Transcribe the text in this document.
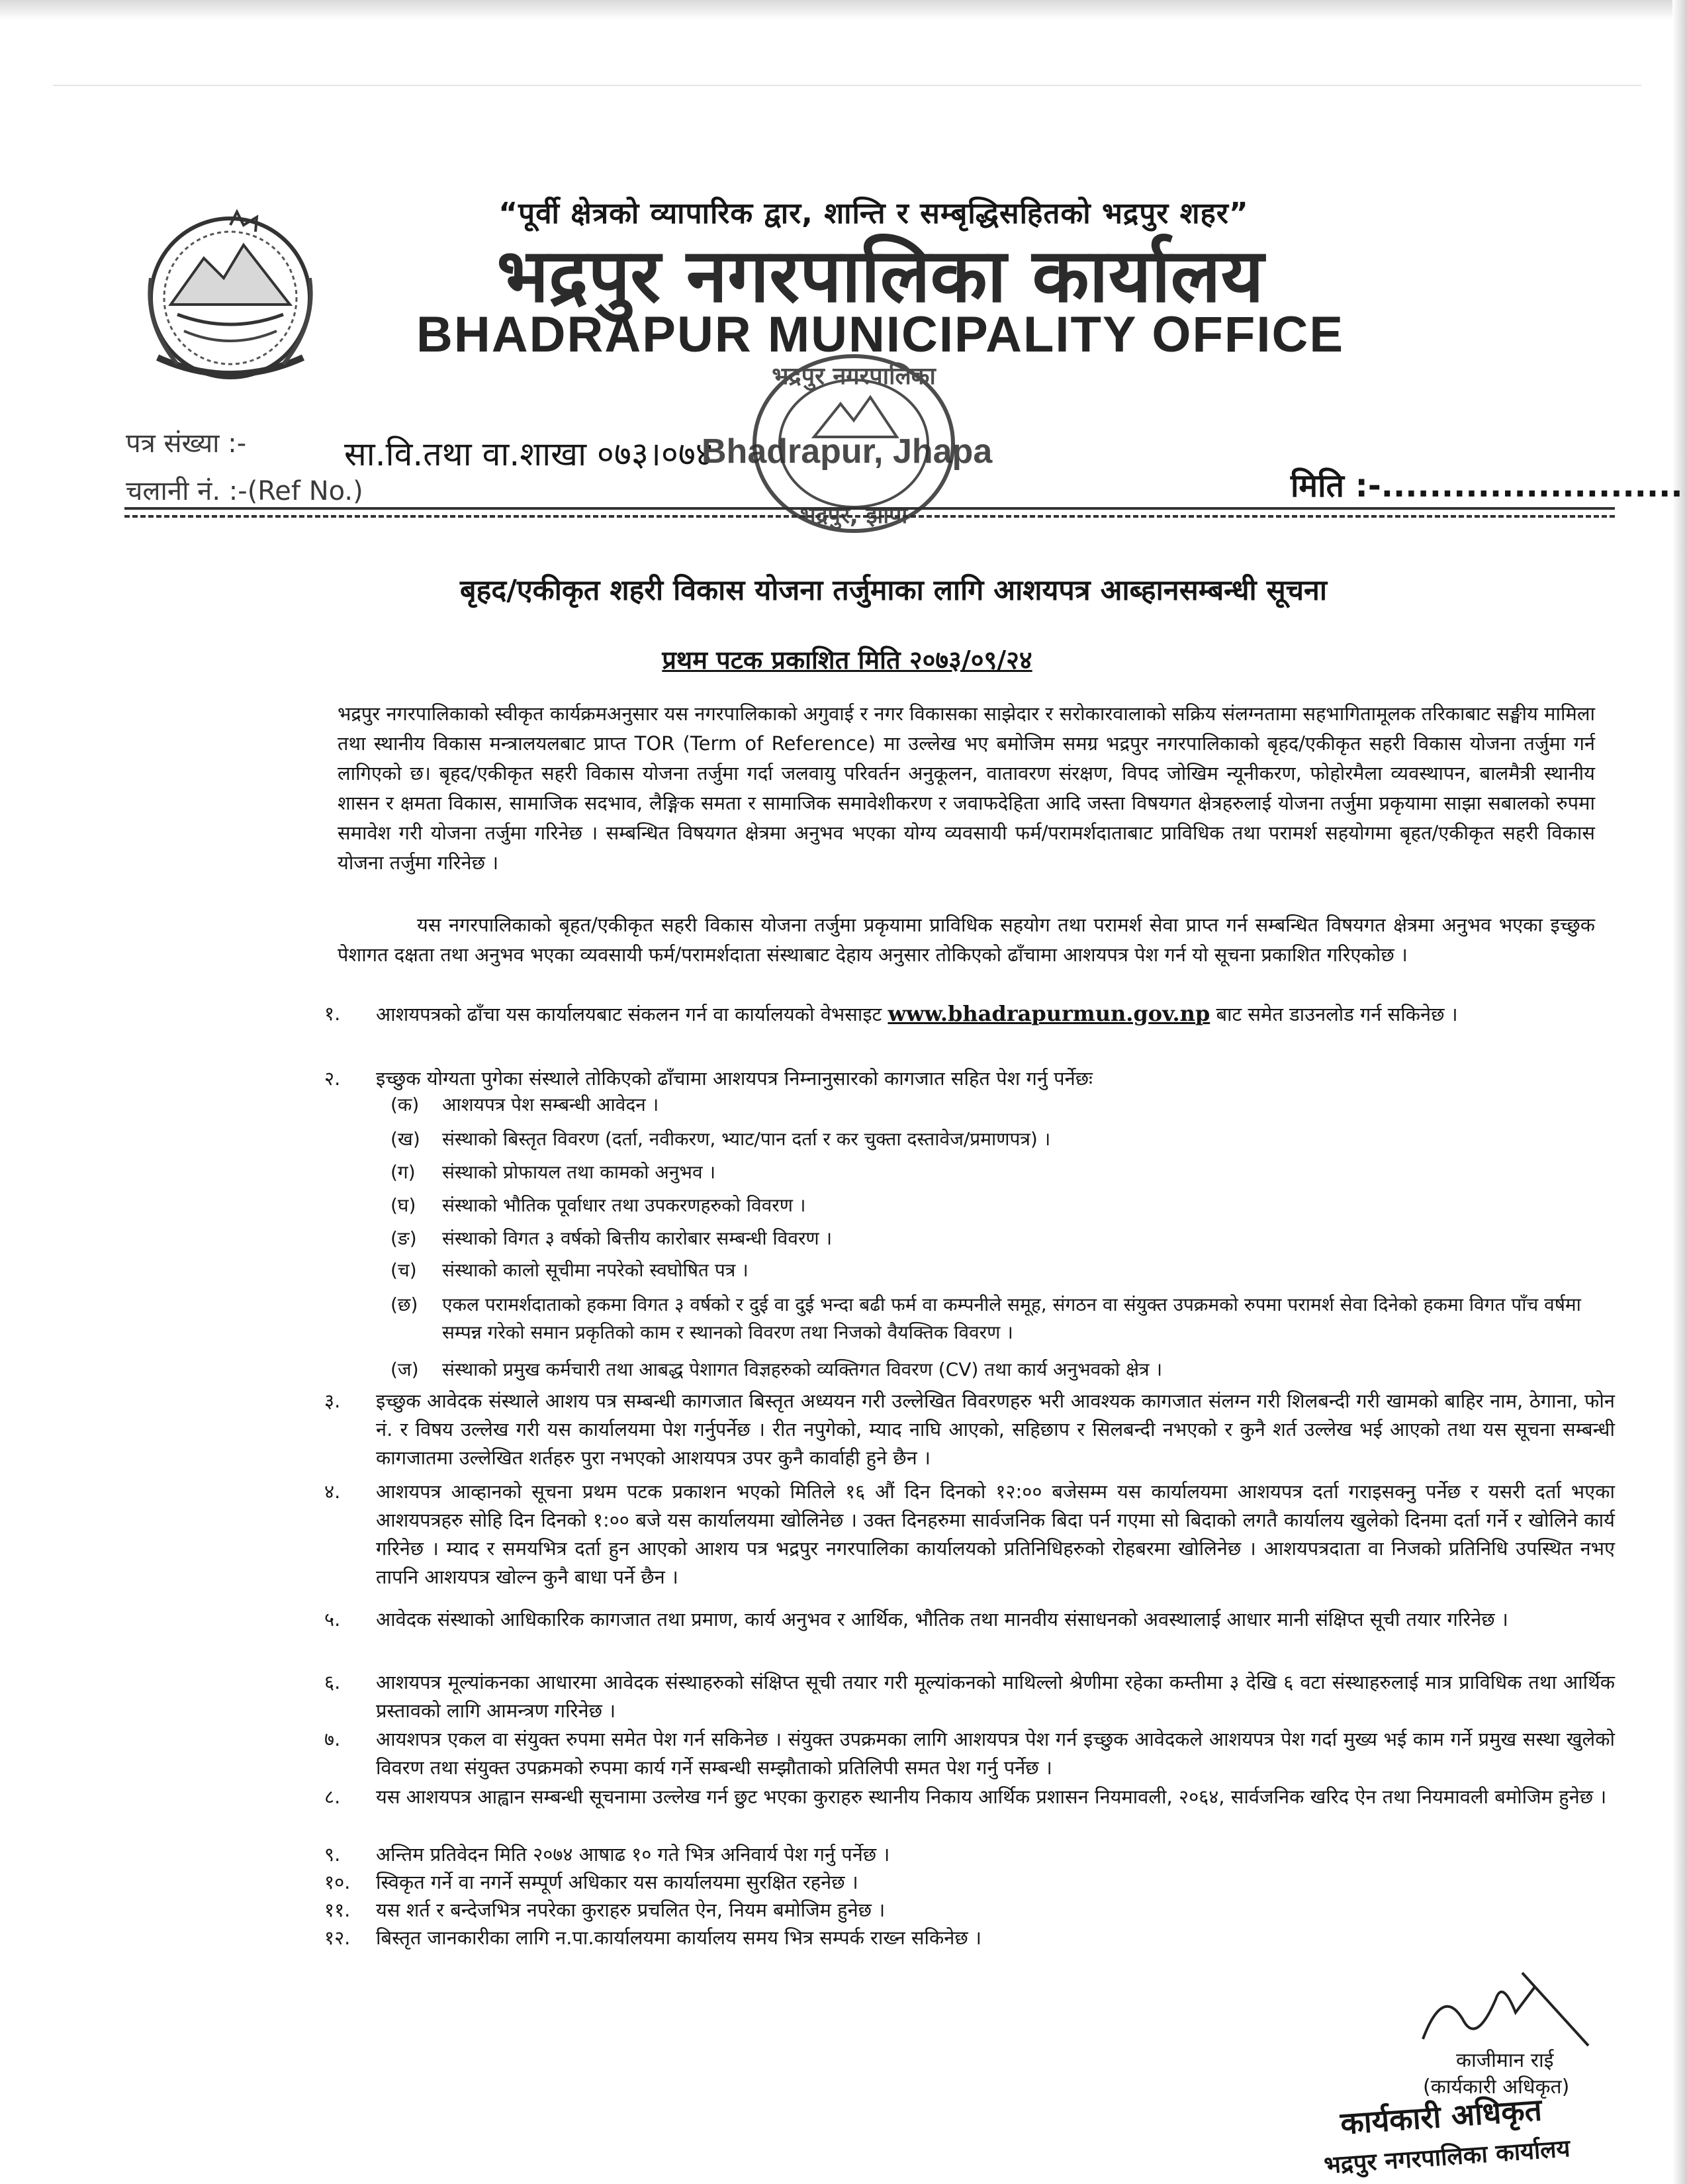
“पूर्वी क्षेत्रको व्यापारिक द्वार, शान्ति र सम्बृद्धिसहितको भद्रपुर शहर”
भद्रपुर नगरपालिका कार्यालय
BHADRAPUR MUNICIPALITY OFFICE
पत्र संख्या :-
चलानी नं. :-(Ref No.)
सा.वि.तथा वा.शाखा ०७३।०७४
Bhadrapur, Jhapa
मिति :-.........................
भद्रपुर नगरपालिका
भद्रपुर, झापा
बृहद/एकीकृत शहरी विकास योजना तर्जुमाका लागि आशयपत्र आब्हानसम्बन्धी सूचना
प्रथम पटक प्रकाशित मिति २०७३/०९/२४

भद्रपुर नगरपालिकाको स्वीकृत कार्यक्रमअनुसार यस नगरपालिकाको अगुवाई र नगर विकासका साझेदार र सरोकारवालाको सक्रिय संलग्नतामा सहभागितामूलक तरिकाबाट सङ्घीय मामिला तथा स्थानीय विकास मन्त्रालयलबाट प्राप्त TOR (Term of Reference) मा उल्लेख भए बमोजिम समग्र भद्रपुर नगरपालिकाको बृहद/एकीकृत सहरी विकास योजना तर्जुमा गर्न लागिएको छ। बृहद/एकीकृत सहरी विकास योजना तर्जुमा गर्दा जलवायु परिवर्तन अनुकूलन, वातावरण संरक्षण, विपद जोखिम न्यूनीकरण, फोहोरमैला व्यवस्थापन, बालमैत्री स्थानीय शासन र क्षमता विकास, सामाजिक सदभाव, लैङ्गिक समता र सामाजिक समावेशीकरण र जवाफदेहिता आदि जस्ता विषयगत क्षेत्रहरुलाई योजना तर्जुमा प्रकृयामा साझा सबालको रुपमा समावेश गरी योजना तर्जुमा गरिनेछ । सम्बन्धित विषयगत क्षेत्रमा अनुभव भएका योग्य व्यवसायी फर्म/परामर्शदाताबाट प्राविधिक तथा परामर्श सहयोगमा बृहत/एकीकृत सहरी विकास योजना तर्जुमा गरिनेछ ।

यस नगरपालिकाको बृहत/एकीकृत सहरी विकास योजना तर्जुमा प्रकृयामा प्राविधिक सहयोग तथा परामर्श सेवा प्राप्त गर्न सम्बन्धित विषयगत क्षेत्रमा अनुभव भएका इच्छुक पेशागत दक्षता तथा अनुभव भएका व्यवसायी फर्म/परामर्शदाता संस्थाबाट देहाय अनुसार तोकिएको ढाँचामा आशयपत्र पेश गर्न यो सूचना प्रकाशित गरिएकोछ ।

१. आशयपत्रको ढाँचा यस कार्यालयबाट संकलन गर्न वा कार्यालयको वेभसाइट www.bhadrapurmun.gov.np बाट समेत डाउनलोड गर्न सकिनेछ ।
२. इच्छुक योग्यता पुगेका संस्थाले तोकिएको ढाँचामा आशयपत्र निम्नानुसारको कागजात सहित पेश गर्नु पर्नेछः
(क) आशयपत्र पेश सम्बन्धी आवेदन ।
(ख) संस्थाको बिस्तृत विवरण (दर्ता, नवीकरण, भ्याट/पान दर्ता र कर चुक्ता दस्तावेज/प्रमाणपत्र) ।
(ग) संस्थाको प्रोफायल तथा कामको अनुभव ।
(घ) संस्थाको भौतिक पूर्वाधार तथा उपकरणहरुको विवरण ।
(ङ) संस्थाको विगत ३ वर्षको बित्तीय कारोबार सम्बन्धी विवरण ।
(च) संस्थाको कालो सूचीमा नपरेको स्वघोषित पत्र ।
(छ) एकल परामर्शदाताको हकमा विगत ३ वर्षको र दुई वा दुई भन्दा बढी फर्म वा कम्पनीले समूह, संगठन वा संयुक्त उपक्रमको रुपमा परामर्श सेवा दिनेको हकमा विगत पाँच वर्षमा सम्पन्न गरेको समान प्रकृतिको काम र स्थानको विवरण तथा निजको वैयक्तिक विवरण ।
(ज) संस्थाको प्रमुख कर्मचारी तथा आबद्ध पेशागत विज्ञहरुको व्यक्तिगत विवरण (CV) तथा कार्य अनुभवको क्षेत्र ।
३. इच्छुक आवेदक संस्थाले आशय पत्र सम्बन्धी कागजात बिस्तृत अध्ययन गरी उल्लेखित विवरणहरु भरी आवश्यक कागजात संलग्न गरी शिलबन्दी गरी खामको बाहिर नाम, ठेगाना, फोन नं. र विषय उल्लेख गरी यस कार्यालयमा पेश गर्नुपर्नेछ । रीत नपुगेको, म्याद नाघि आएको, सहिछाप र सिलबन्दी नभएको र कुनै शर्त उल्लेख भई आएको तथा यस सूचना सम्बन्धी कागजातमा उल्लेखित शर्तहरु पुरा नभएको आशयपत्र उपर कुनै कार्वाही हुने छैन ।
४. आशयपत्र आव्हानको सूचना प्रथम पटक प्रकाशन भएको मितिले १६ औं दिन दिनको १२:०० बजेसम्म यस कार्यालयमा आशयपत्र दर्ता गराइसक्नु पर्नेछ र यसरी दर्ता भएका आशयपत्रहरु सोहि दिन दिनको १:०० बजे यस कार्यालयमा खोलिनेछ । उक्त दिनहरुमा सार्वजनिक बिदा पर्न गएमा सो बिदाको लगतै कार्यालय खुलेको दिनमा दर्ता गर्ने र खोलिने कार्य गरिनेछ । म्याद र समयभित्र दर्ता हुन आएको आशय पत्र भद्रपुर नगरपालिका कार्यालयको प्रतिनिधिहरुको रोहबरमा खोलिनेछ । आशयपत्रदाता वा निजको प्रतिनिधि उपस्थित नभए तापनि आशयपत्र खोल्न कुनै बाधा पर्ने छैन ।
५. आवेदक संस्थाको आधिकारिक कागजात तथा प्रमाण, कार्य अनुभव र आर्थिक, भौतिक तथा मानवीय संसाधनको अवस्थालाई आधार मानी संक्षिप्त सूची तयार गरिनेछ ।
६. आशयपत्र मूल्यांकनका आधारमा आवेदक संस्थाहरुको संक्षिप्त सूची तयार गरी मूल्यांकनको माथिल्लो श्रेणीमा रहेका कम्तीमा ३ देखि ६ वटा संस्थाहरुलाई मात्र प्राविधिक तथा आर्थिक प्रस्तावको लागि आमन्त्रण गरिनेछ ।
७. आयशपत्र एकल वा संयुक्त रुपमा समेत पेश गर्न सकिनेछ । संयुक्त उपक्रमका लागि आशयपत्र पेश गर्न इच्छुक आवेदकले आशयपत्र पेश गर्दा मुख्य भई काम गर्ने प्रमुख सस्था खुलेको विवरण तथा संयुक्त उपक्रमको रुपमा कार्य गर्ने सम्बन्धी सम्झौताको प्रतिलिपी समत पेश गर्नु पर्नेछ ।
८. यस आशयपत्र आह्वान सम्बन्धी सूचनामा उल्लेख गर्न छुट भएका कुराहरु स्थानीय निकाय आर्थिक प्रशासन नियमावली, २०६४, सार्वजनिक खरिद ऐन तथा नियमावली बमोजिम हुनेछ ।
९. अन्तिम प्रतिवेदन मिति २०७४ आषाढ १० गते भित्र अनिवार्य पेश गर्नु पर्नेछ ।
१०. स्विकृत गर्ने वा नगर्ने सम्पूर्ण अधिकार यस कार्यालयमा सुरक्षित रहनेछ ।
११. यस शर्त र बन्देजभित्र नपरेका कुराहरु प्रचलित ऐन, नियम बमोजिम हुनेछ ।
१२. बिस्तृत जानकारीका लागि न.पा.कार्यालयमा कार्यालय समय भित्र सम्पर्क राख्न सकिनेछ ।
काजीमान राई
(कार्यकारी अधिकृत)
कार्यकारी अधिकृत
भद्रपुर नगरपालिका कार्यालय
